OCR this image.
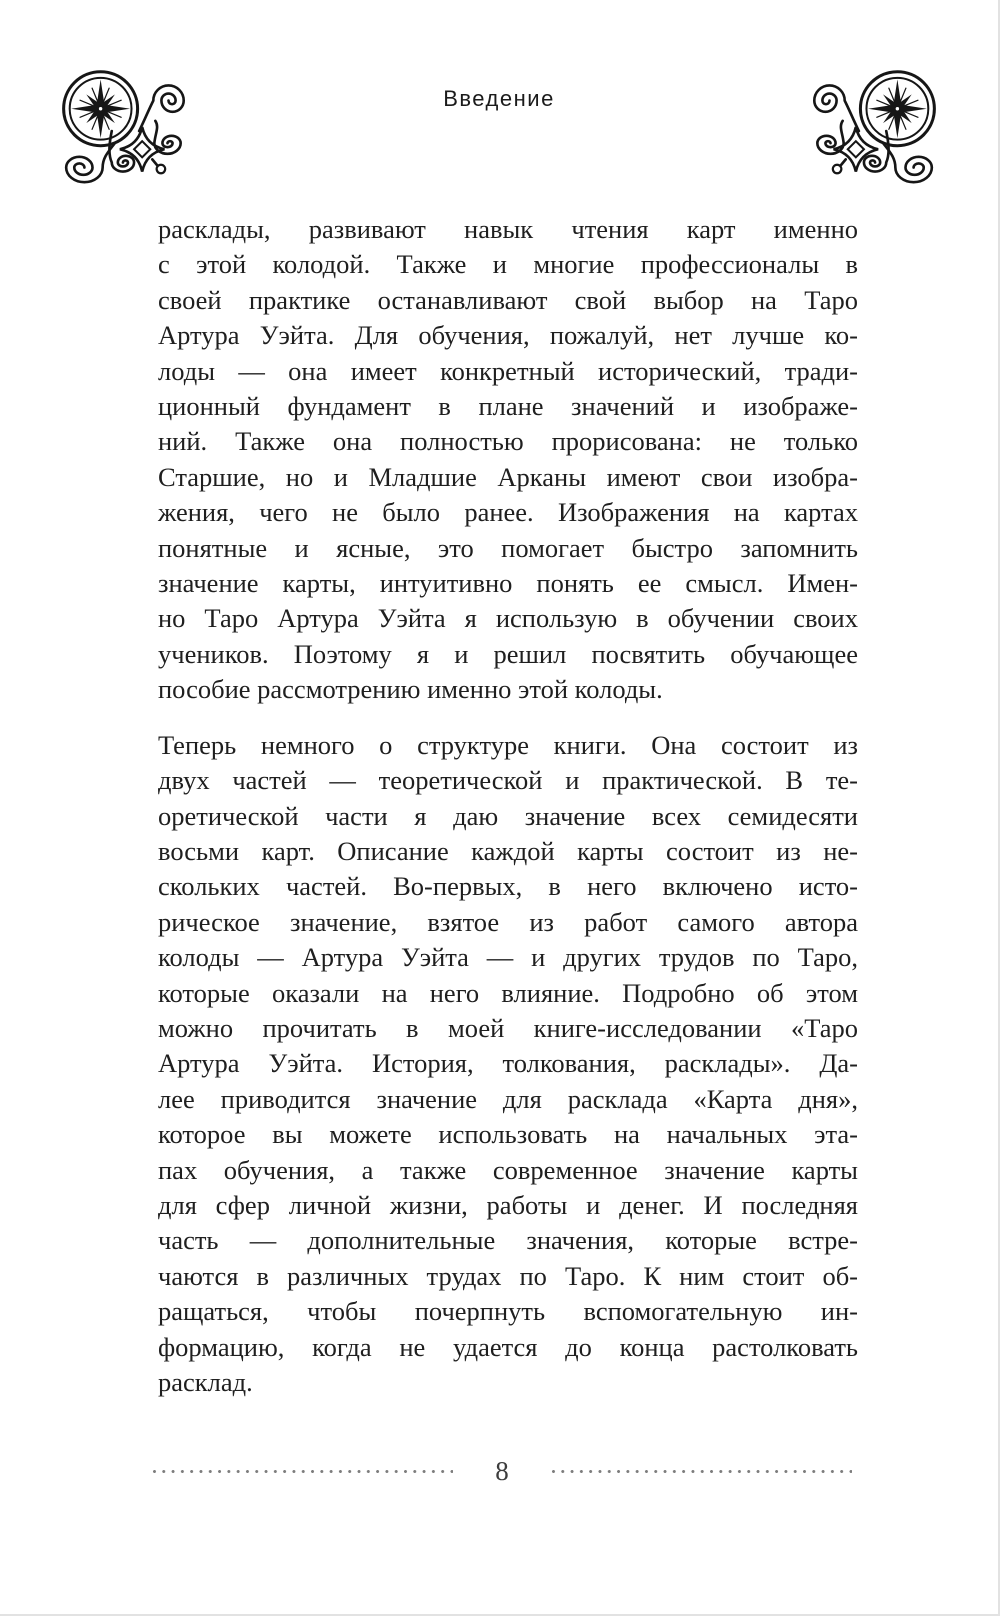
Введение
расклады, развивают навык чтения карт именно
с этой колодой. Также и многие профессионалы в
своей практике останавливают свой выбор на Таро
Артура Уэйта. Для обучения, пожалуй, нет лучше ко-
лоды — она имеет конкретный исторический, тради-
ционный фундамент в плане значений и изображе-
ний. Также она полностью прорисована: не только
Старшие, но и Младшие Арканы имеют свои изобра-
жения, чего не было ранее. Изображения на картах
понятные и ясные, это помогает быстро запомнить
значение карты, интуитивно понять ее смысл. Имен-
но Таро Артура Уэйта я использую в обучении своих
учеников. Поэтому я и решил посвятить обучающее
пособие рассмотрению именно этой колоды.
Теперь немного о структуре книги. Она состоит из
двух частей — теоретической и практической. В те-
оретической части я даю значение всех семидесяти
восьми карт. Описание каждой карты состоит из не-
скольких частей. Во-первых, в него включено исто-
рическое значение, взятое из работ самого автора
колоды — Артура Уэйта — и других трудов по Таро,
которые оказали на него влияние. Подробно об этом
можно прочитать в моей книге-исследовании «Таро
Артура Уэйта. История, толкования, расклады». Да-
лее приводится значение для расклада «Карта дня»,
которое вы можете использовать на начальных эта-
пах обучения, а также современное значение карты
для сфер личной жизни, работы и денег. И последняя
часть — дополнительные значения, которые встре-
чаются в различных трудах по Таро. К ним стоит об-
ращаться, чтобы почерпнуть вспомогательную ин-
формацию, когда не удается до конца растолковать
расклад.
8
